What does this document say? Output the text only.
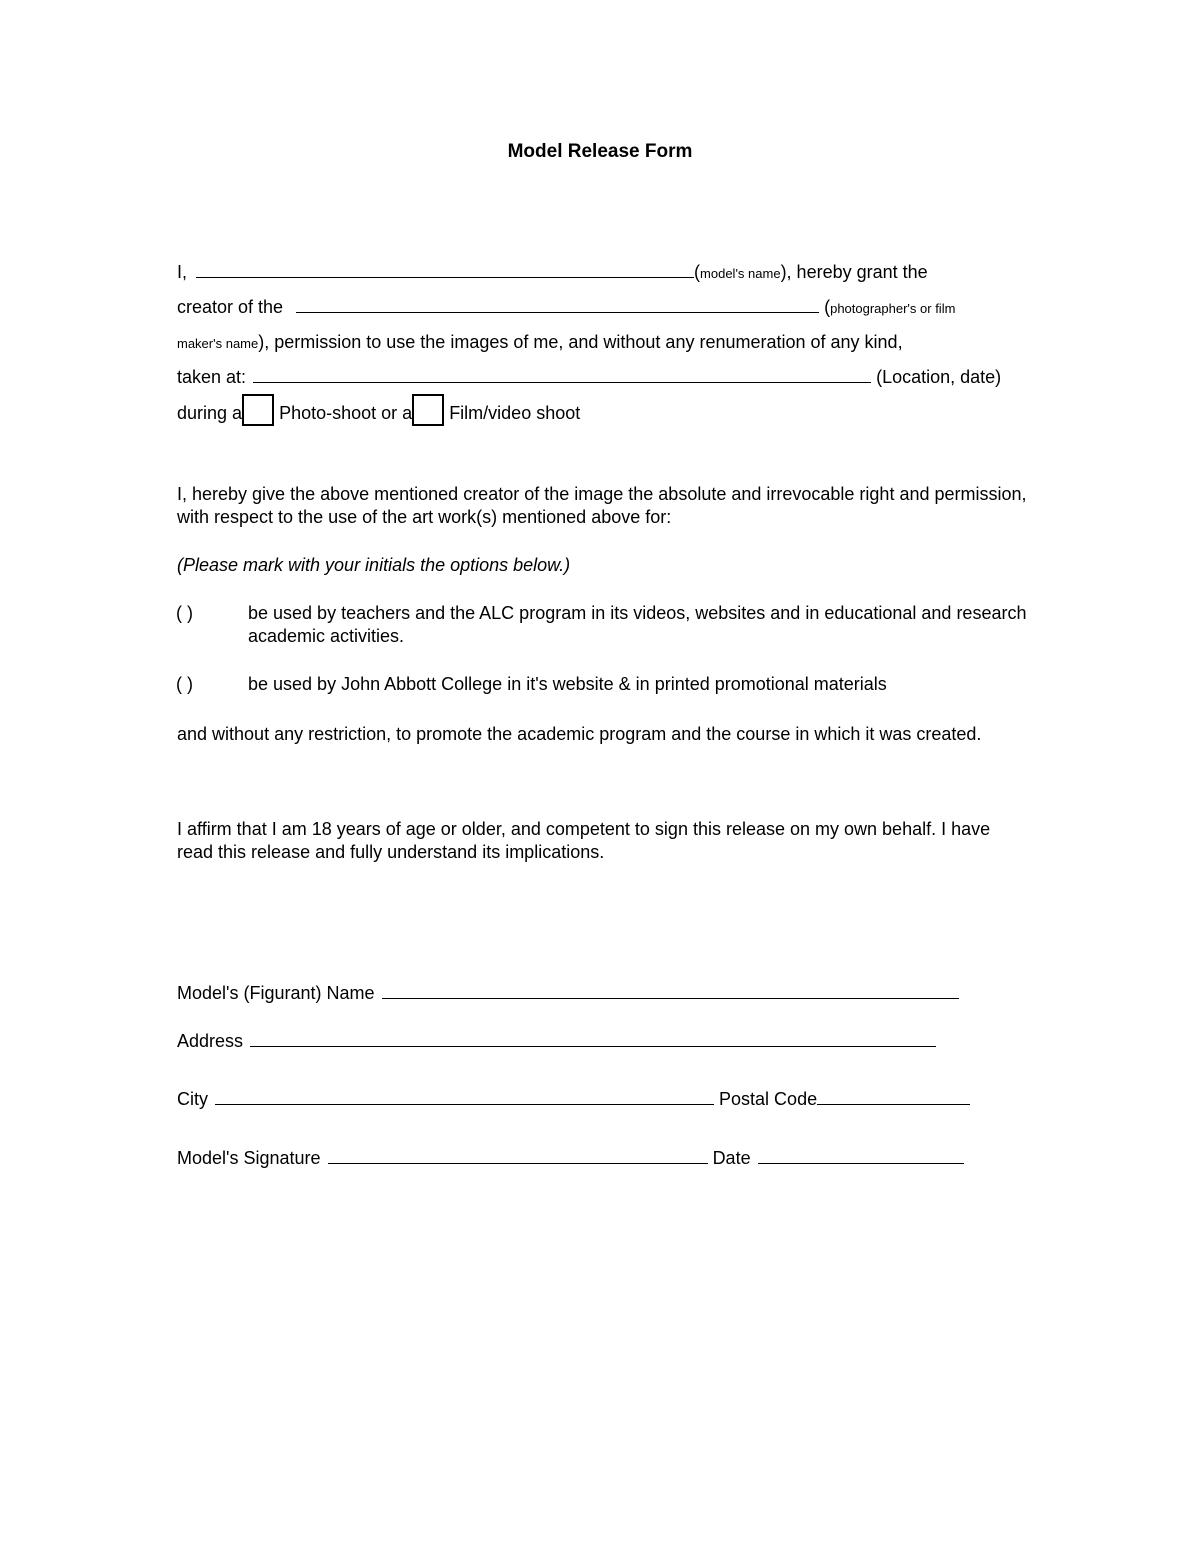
Model Release Form
I,	(model's name), hereby grant the
creator of the	(photographer's or film
maker's name), permission to use the images of me, and without any renumeration of any kind,
taken at:	(Location, date)
during a Photo-shoot or a Film/video shoot
I, hereby give the above mentioned creator of the image the absolute and irrevocable right and permission, with respect to the use of the art work(s) mentioned above for:
(Please mark with your initials the options below.)
( )	be used by teachers and the ALC program in its videos, websites and in educational and research academic activities.
( )	be used by John Abbott College in it's website & in printed promotional materials
and without any restriction, to promote the academic program and the course in which it was created.
I affirm that I am 18 years of age or older, and competent to sign this release on my own behalf. I have read this release and fully understand its implications.
Model's (Figurant) Name
Address
City	Postal Code
Model's Signature	Date
